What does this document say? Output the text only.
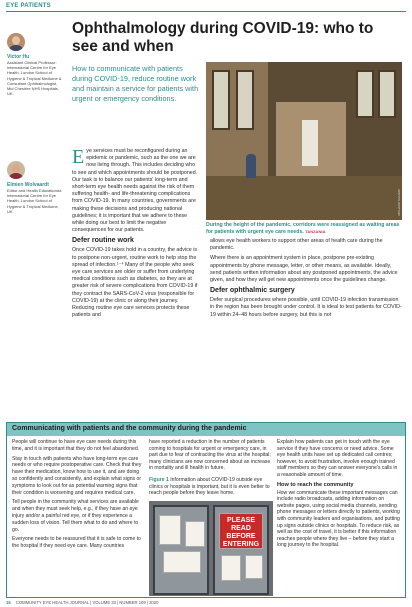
EYE PATIENTS
Victor Hu
Assistant Clinical Professor: International Centre for Eye Health, London School of Hygiene & Tropical Medicine & Consultant Ophthalmologist, Mid Cheshire NHS Hospitals, UK.
Elmien Wolvaardt
Editor and Health Educationist: International Centre for Eye Health, London School of Hygiene & Tropical Medicine, UK.
Ophthalmology during COVID-19: who to see and when
How to communicate with patients during COVID-19, reduce routine work and maintain a service for patients with urgent or emergency conditions.

Eye services must be reconfigured during an epidemic or pandemic, such as the one we are now living through. This includes deciding who to see and which appointments should be postponed. Our task is to balance our patients' long-term and short-term eye health needs against the risk of them suffering health- and life-threatening complications from COVID-19. In many countries, governments are making these decisions and producing national guidelines; it is important that we adhere to these while doing our best to limit the negative consequences for our patients.

Defer routine work

Once COVID-19 takes hold in a country, the advice is to postpone non-urgent, routine work to help stop the spread of infection.¹⁻⁴ Many of the people who seek eye care services are older or suffer from underlying medical conditions such as diabetes, so they are at greater risk of severe complications from COVID-19 if they contract the SARS-CoV-2 virus (responsible for COVID-19) at the clinic or along their journey. Reducing routine eye care services protects these patients and

RICHARD SALAMA
During the height of the pandemic, corridors were reassigned as waiting areas for patients with urgent eye care needs. TANZANIA

allows eye health workers to support other areas of health care during the pandemic.

Where there is an appointment system in place, postpone pre-existing appointments by phone message, letter, or other means, as available. Ideally, send patients written information about any postponed appointments, the advice given, and how they will get new appointments once the guidelines change.

Defer ophthalmic surgery

Defer surgical procedures where possible, until COVID-19 infection transmission in the region has been brought under control. It is ideal to test patients for COVID-19 within 24–48 hours before surgery, but this is not

Communicating with patients and the community during the pandemic

People will continue to have eye care needs during this time, and it is important that they do not feel abandoned.

Stay in touch with patients who have long-term eye care needs or who require postoperative care. Check that they have their medication, know how to use it, and are doing so confidently and consistently, and explain what signs or symptoms to look out for as potential warning signs that their condition is worsening and requires medical care.

Tell people in the community what services are available and when they must seek help, e.g., if they have an eye injury and/or a painful red eye, or if they experience a sudden loss of vision. Tell them what to do and where to go.

Everyone needs to be reassured that it is safe to come to the hospital if they need eye care. Many countries

have reported a reduction in the number of patients coming to hospitals for urgent or emergency care, in part due to fear of contracting the virus at the hospital; many clinicians are now concerned about an increase in mortality and ill health in future.

Figure 1 Information about COVID-19 outside eye clinics or hospitals is important, but it is even better to reach people before they leave home.
PLEASE READ BEFORE ENTERING

Explain how patients can get in touch with the eye service if they have concerns or need advice. Some eye health units have set up dedicated call centres; however, to avoid frustration, involve enough trained staff members so they can answer everyone's calls in a reasonable amount of time.

How to reach the community

How we communicate these important messages can include radio broadcasts, adding information on website pages, using social media channels, sending phone messages or letters directly to patients, working with community leaders and organisations, and putting up signs outside clinics or hospitals. To reduce risk, as well as the cost of travel, it is better if this information reaches people where they live – before they start a long journey to the hospital.

16 COMMUNITY EYE HEALTH JOURNAL | VOLUME 33 | NUMBER 109 | 2020
